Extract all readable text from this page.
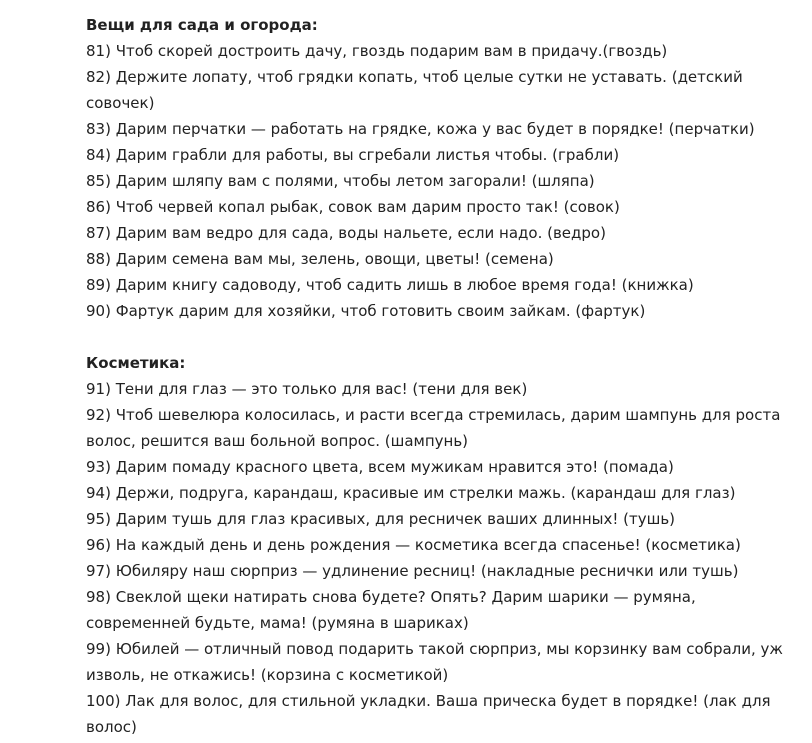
Вещи для сада и огорода:

81) Чтоб скорей достроить дачу, гвоздь подарим вам в придачу.(гвоздь)
82) Держите лопату, чтоб грядки копать, чтоб целые сутки не уставать. (детский совочек)
83) Дарим перчатки — работать на грядке, кожа у вас будет в порядке! (перчатки)
84) Дарим грабли для работы, вы сгребали листья чтобы. (грабли)
85) Дарим шляпу вам с полями, чтобы летом загорали! (шляпа)
86) Чтоб червей копал рыбак, совок вам дарим просто так! (совок)
87) Дарим вам ведро для сада, воды нальете, если надо. (ведро)
88) Дарим семена вам мы, зелень, овощи, цветы! (семена)
89) Дарим книгу садоводу, чтоб садить лишь в любое время года! (книжка)
90) Фартук дарим для хозяйки, чтоб готовить своим зайкам. (фартук)

Косметика:

91) Тени для глаз — это только для вас! (тени для век)
92) Чтоб шевелюра колосилась, и расти всегда стремилась, дарим шампунь для роста волос, решится ваш больной вопрос. (шампунь)
93) Дарим помаду красного цвета, всем мужикам нравится это! (помада)
94) Держи, подруга, карандаш, красивые им стрелки мажь. (карандаш для глаз)
95) Дарим тушь для глаз красивых, для ресничек ваших длинных! (тушь)
96) На каждый день и день рождения — косметика всегда спасенье! (косметика)
97) Юбиляру наш сюрприз — удлинение ресниц! (накладные реснички или тушь)
98) Свеклой щеки натирать снова будете? Опять? Дарим шарики — румяна, современней будьте, мама! (румяна в шариках)
99) Юбилей — отличный повод подарить такой сюрприз, мы корзинку вам собрали, уж изволь, не откажись! (корзина с косметикой)
100) Лак для волос, для стильной укладки. Ваша прическа будет в порядке! (лак для волос)
